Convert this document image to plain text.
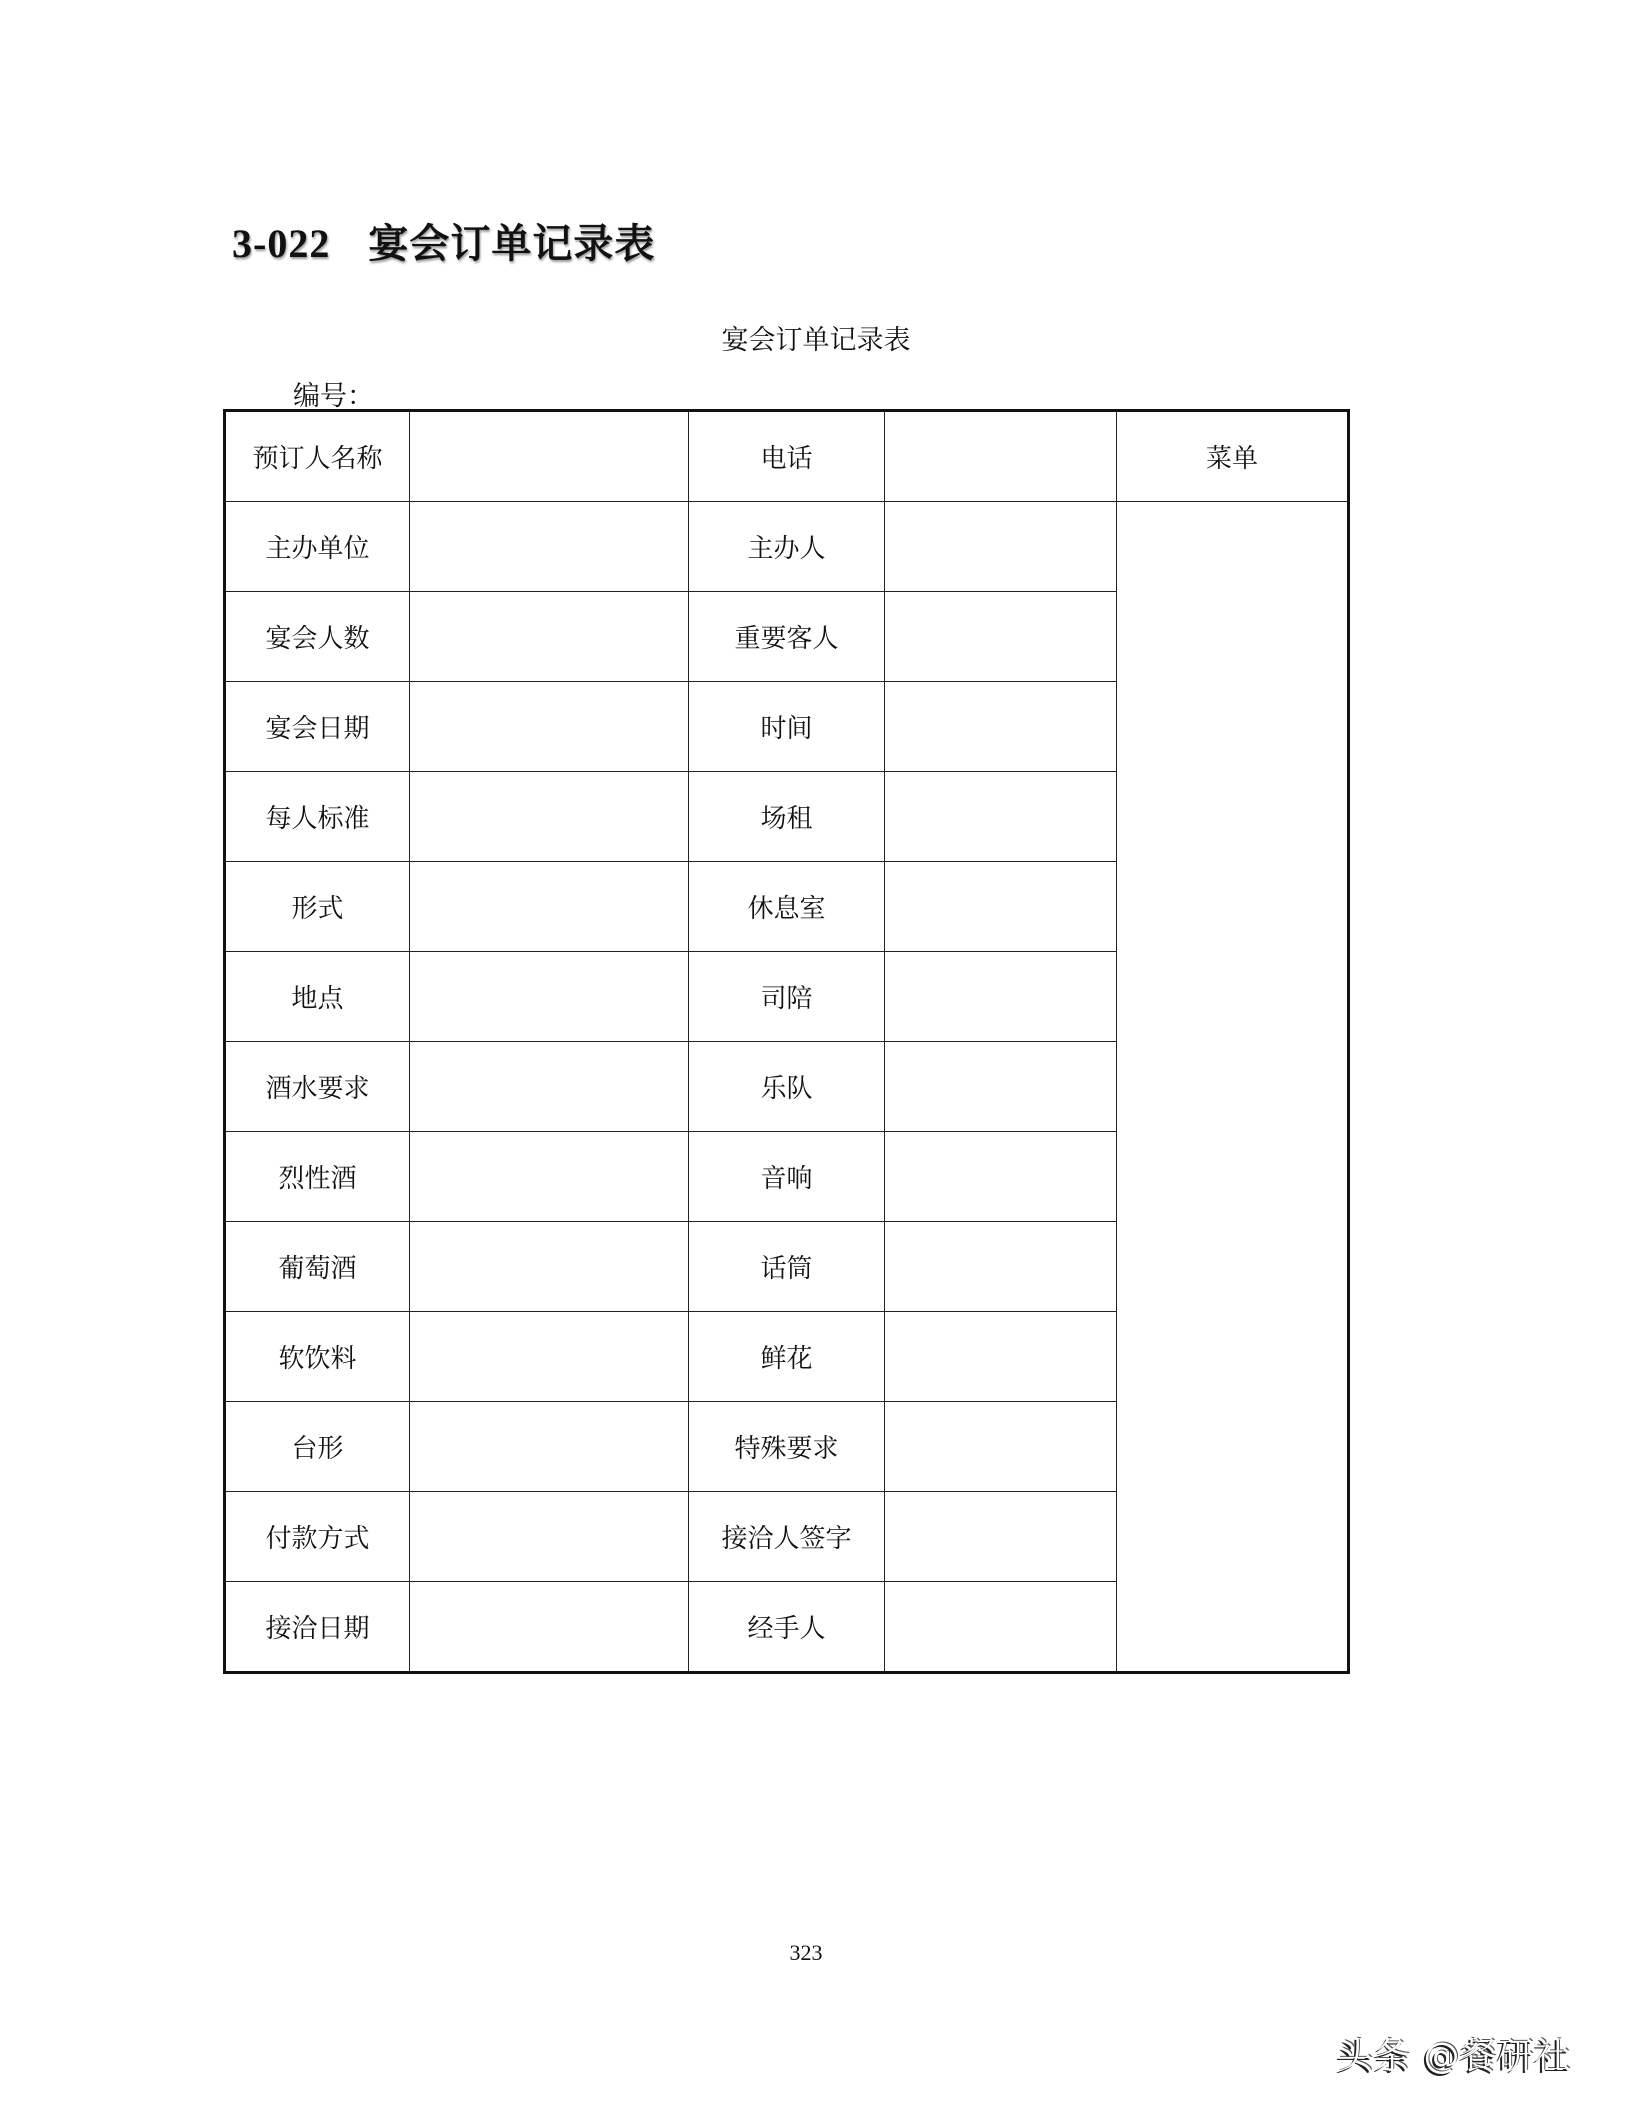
3-022 宴会订单记录表
宴会订单记录表
编号：
预订人名称		电话		菜单
主办单位		主办人		
宴会人数		重要客人		
宴会日期		时间		
每人标准		场租		
形式		休息室		
地点		司陪		
酒水要求		乐队		
烈性酒		音响		
葡萄酒		话筒		
软饮料		鲜花		
台形		特殊要求		
付款方式		接洽人签字		
接洽日期		经手人		
323
头条 @餐研社
